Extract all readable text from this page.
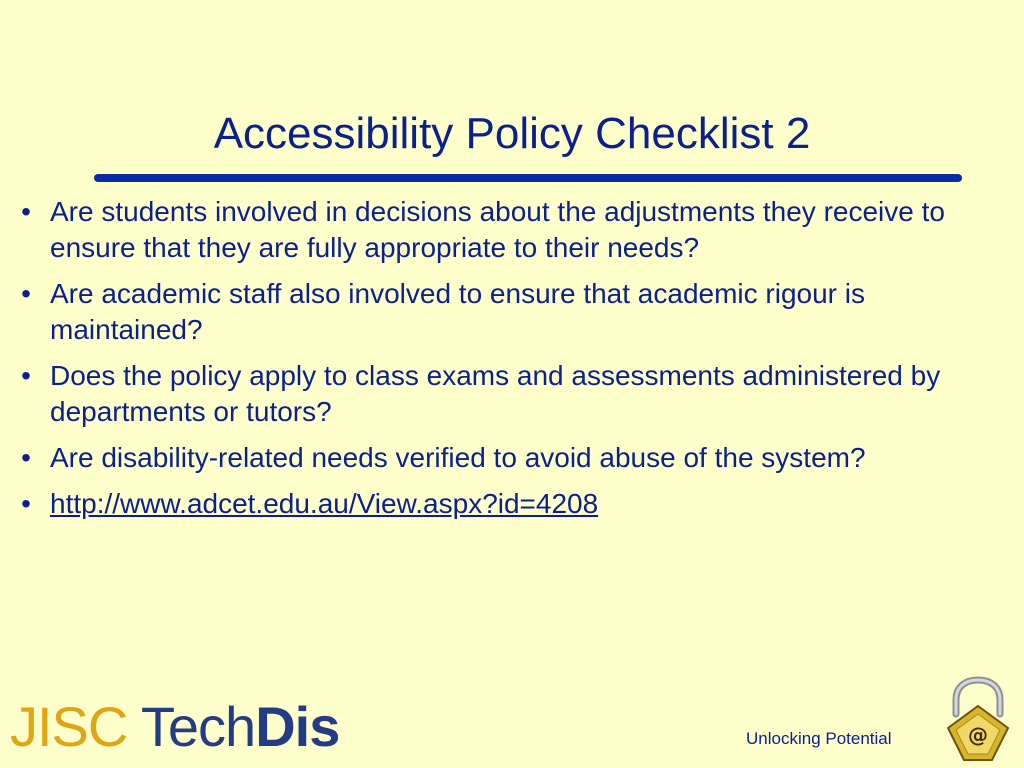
Accessibility Policy Checklist 2
• Are students involved in decisions about the adjustments they receive to ensure that they are fully appropriate to their needs?
• Are academic staff also involved to ensure that academic rigour is maintained?
• Does the policy apply to class exams and assessments administered by departments or tutors?
• Are disability-related needs verified to avoid abuse of the system?
• http://www.adcet.edu.au/View.aspx?id=4208
JISC TechDis	Unlocking Potential	@
